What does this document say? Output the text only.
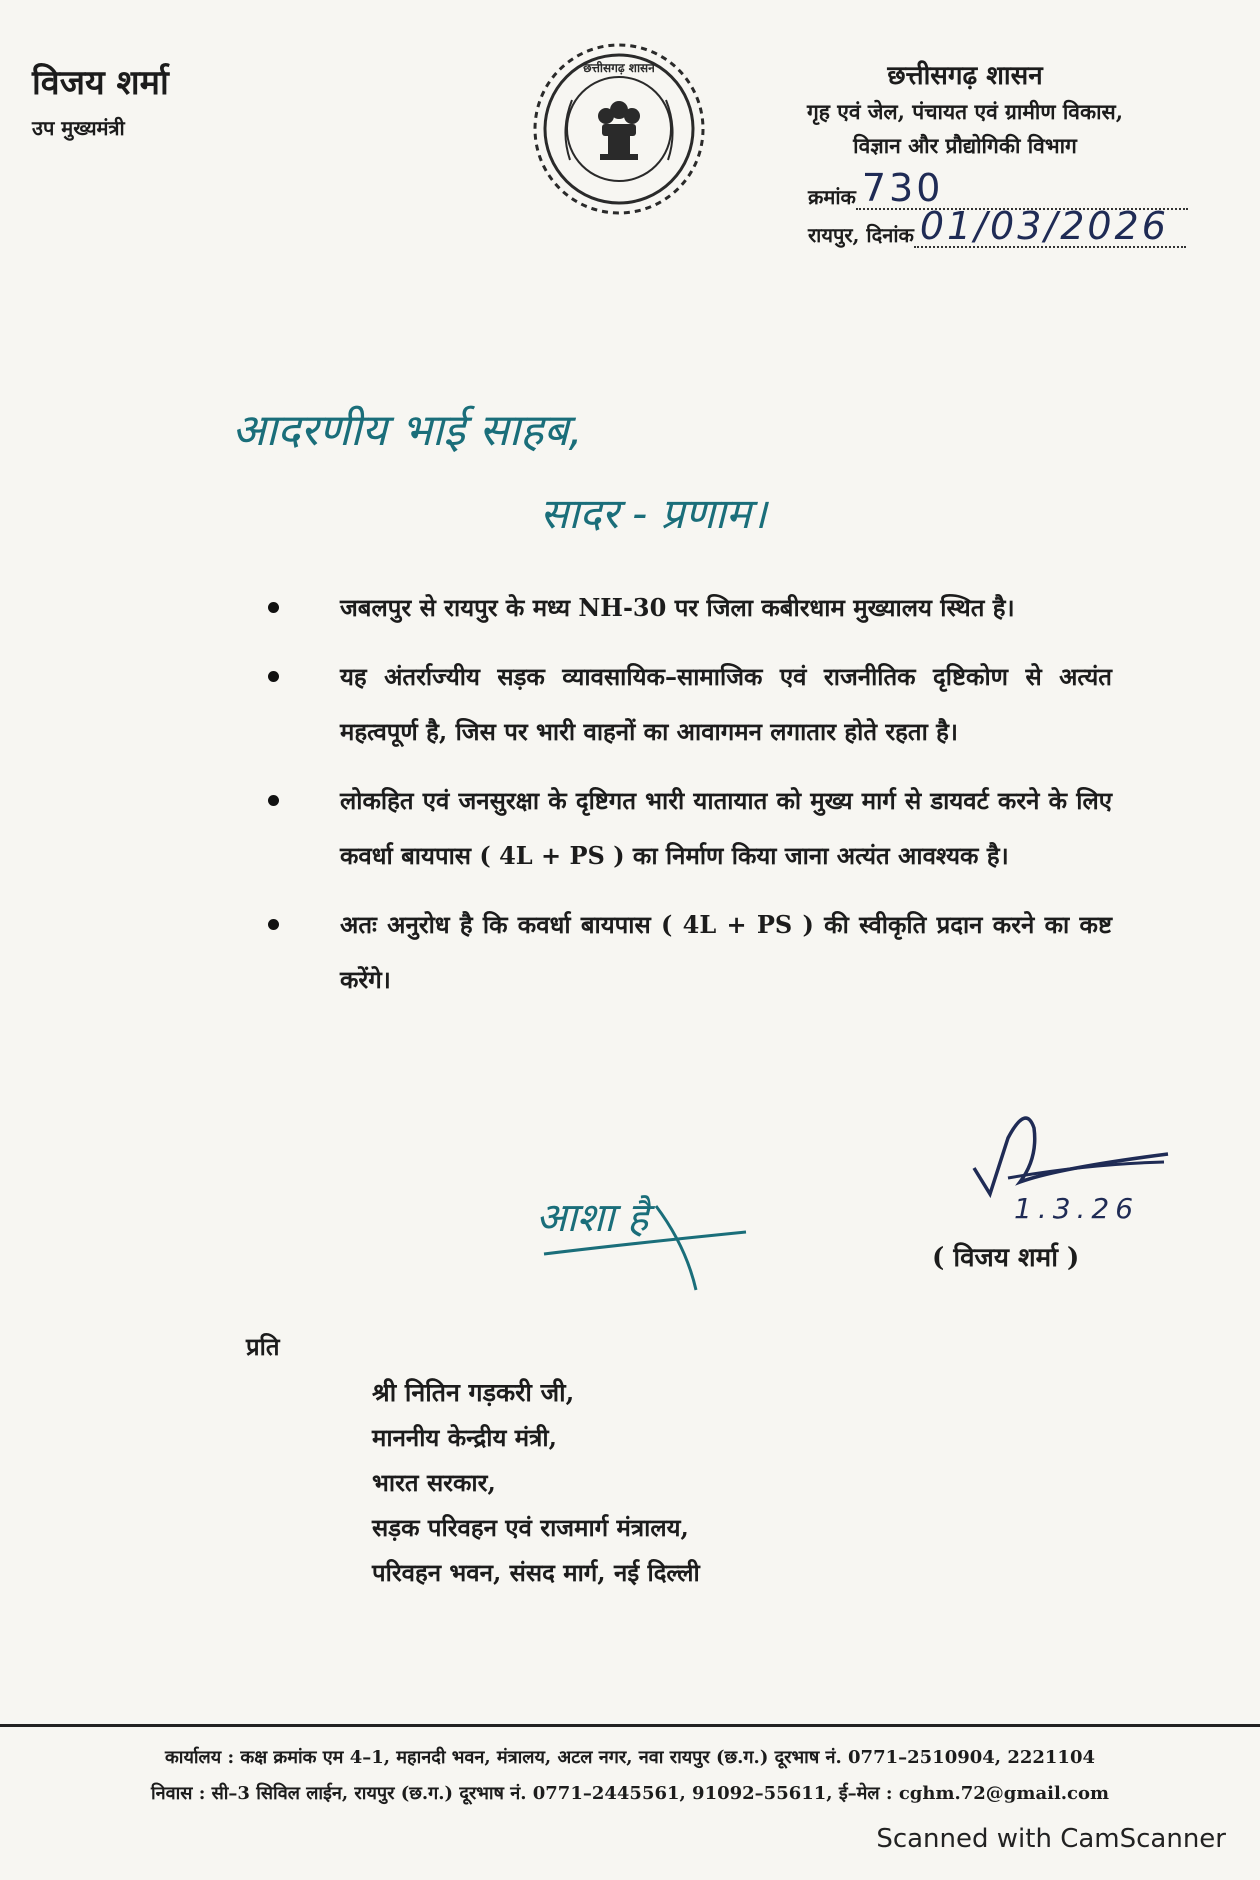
विजय शर्मा
उप मुख्यमंत्री
छत्तीसगढ़ शासन	छत्तीसगढ़ शासन
गृह एवं जेल, पंचायत एवं ग्रामीण विकास,
विज्ञान और प्रौद्योगिकी विभाग
क्रमांक 730
रायपुर, दिनांक 01/03/2026
आदरणीय भाई साहब,
सादर - प्रणाम।
जबलपुर से रायपुर के मध्य NH-30 पर जिला कबीरधाम मुख्यालय स्थित है।
यह अंतर्राज्यीय सड़क व्यावसायिक–सामाजिक एवं राजनीतिक दृष्टिकोण से अत्यंत महत्वपूर्ण है, जिस पर भारी वाहनों का आवागमन लगातार होते रहता है।
लोकहित एवं जनसुरक्षा के दृष्टिगत भारी यातायात को मुख्य मार्ग से डायवर्ट करने के लिए कवर्धा बायपास ( 4L + PS ) का निर्माण किया जाना अत्यंत आवश्यक है।
अतः अनुरोध है कि कवर्धा बायपास ( 4L + PS ) की स्वीकृति प्रदान करने का कष्ट करेंगे।
आशा है	1.3.26
( विजय शर्मा )
प्रति
श्री नितिन गड़करी जी,
माननीय केन्द्रीय मंत्री,
भारत सरकार,
सड़क परिवहन एवं राजमार्ग मंत्रालय,
परिवहन भवन, संसद मार्ग, नई दिल्ली
कार्यालय : कक्ष क्रमांक एम 4–1, महानदी भवन, मंत्रालय, अटल नगर, नवा रायपुर (छ.ग.) दूरभाष नं. 0771–2510904, 2221104
निवास : सी–3 सिविल लाईन, रायपुर (छ.ग.) दूरभाष नं. 0771–2445561, 91092–55611, ई–मेल : cghm.72@gmail.com
Scanned with CamScanner
